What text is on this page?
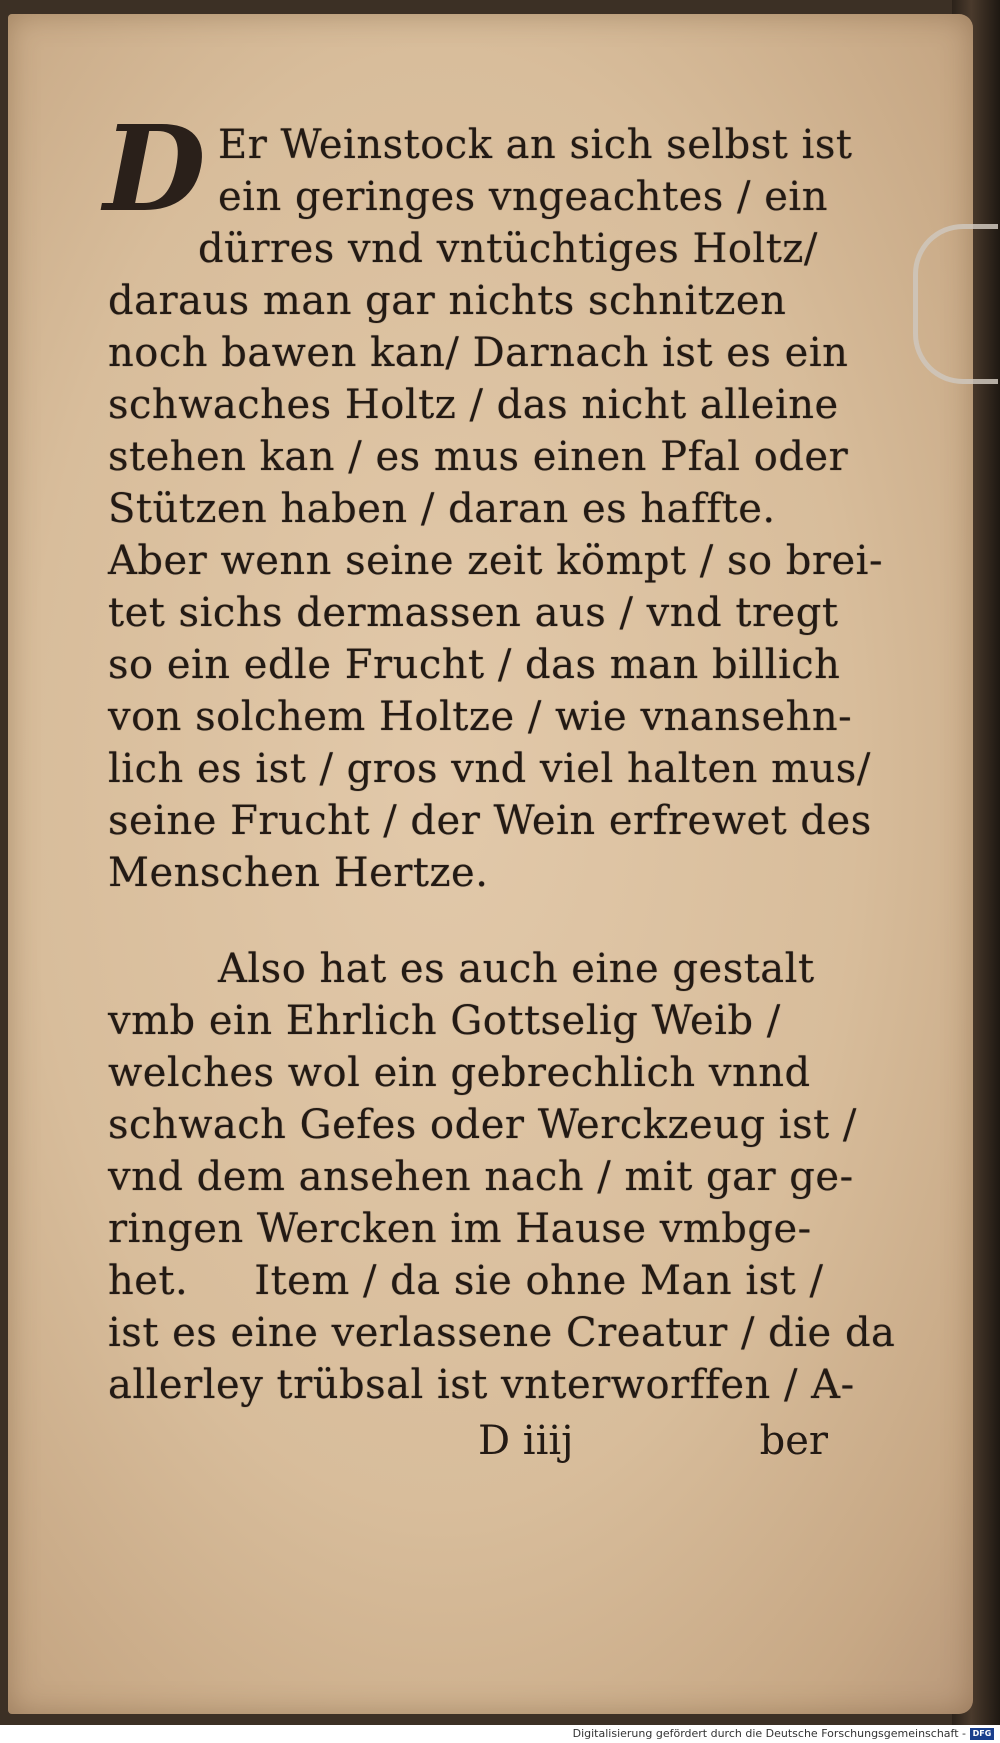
D Er Weinstock an sich selbst ist
ein geringes vngeachtes / ein
dürres vnd vntüchtiges Holtz/
daraus man gar nichts schnitzen
noch bawen kan/ Darnach ist es ein
schwaches Holtz / das nicht alleine
stehen kan / es mus einen Pfal oder
Stützen haben / daran es haffte.
Aber wenn seine zeit kömpt / so brei-
tet sichs dermassen aus / vnd tregt
so ein edle Frucht / das man billich
von solchem Holtze / wie vnansehn-
lich es ist / gros vnd viel halten mus/
seine Frucht / der Wein erfrewet des
Menschen Hertze.
Also hat es auch eine gestalt
vmb ein Ehrlich Gottselig Weib /
welches wol ein gebrechlich vnnd
schwach Gefes oder Werckzeug ist /
vnd dem ansehen nach / mit gar ge-
ringen Wercken im Hause vmbge-
het.     Item / da sie ohne Man ist /
ist es eine verlassene Creatur / die da
allerley trübsal ist vnterworffen / A-
D iiij	ber
Digitalisierung gefördert durch die Deutsche Forschungsgemeinschaft - DFG
